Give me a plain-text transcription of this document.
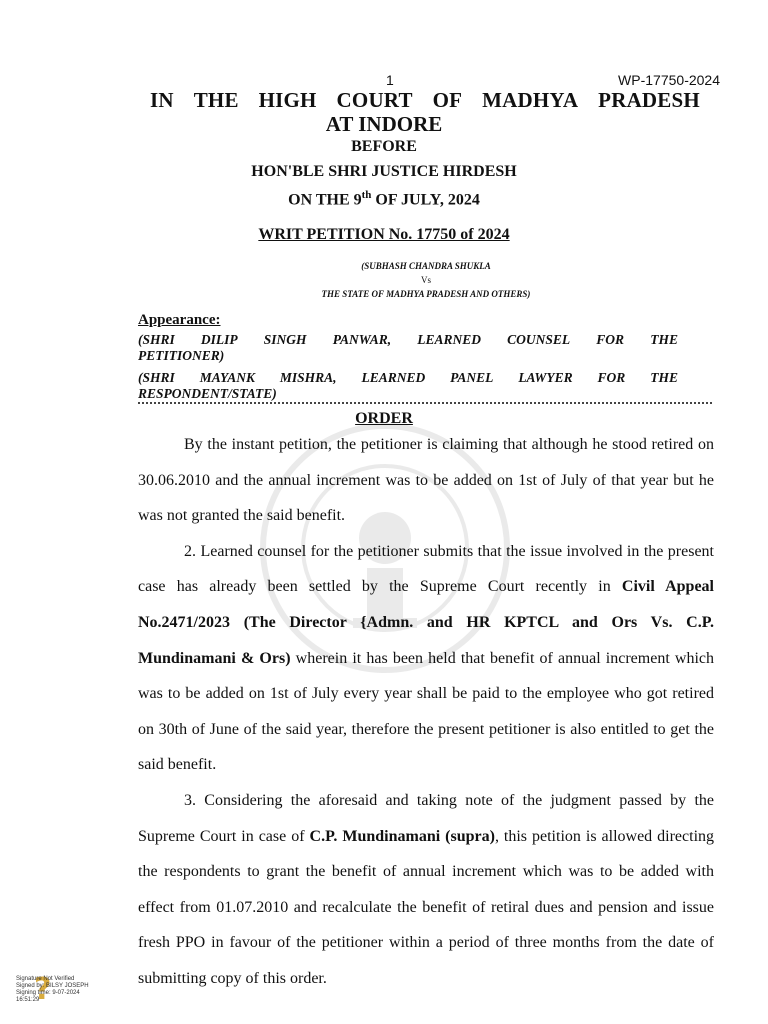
1	WP-17750-2024
IN THE HIGH COURT OF MADHYA PRADESH
AT INDORE
BEFORE
HON'BLE SHRI JUSTICE HIRDESH
ON THE 9th OF JULY, 2024
WRIT PETITION No. 17750 of 2024
(SUBHASH CHANDRA SHUKLA
Vs
THE STATE OF MADHYA PRADESH AND OTHERS)
Appearance:
(SHRI DILIP SINGH PANWAR, LEARNED COUNSEL FOR THE
PETITIONER)
(SHRI MAYANK MISHRA, LEARNED PANEL LAWYER FOR THE
RESPONDENT/STATE)
ORDER

By the instant petition, the petitioner is claiming that although he stood retired on 30.06.2010 and the annual increment was to be added on 1st of July of that year but he was not granted the said benefit.

2. Learned counsel for the petitioner submits that the issue involved in the present case has already been settled by the Supreme Court recently in Civil Appeal No.2471/2023 (The Director {Admn. and HR KPTCL and Ors Vs. C.P. Mundinamani & Ors) wherein it has been held that benefit of annual increment which was to be added on 1st of July every year shall be paid to the employee who got retired on 30th of June of the said year, therefore the present petitioner is also entitled to get the said benefit.

3. Considering the aforesaid and taking note of the judgment passed by the Supreme Court in case of C.P. Mundinamani (supra), this petition is allowed directing the respondents to grant the benefit of annual increment which was to be added with effect from 01.07.2010 and recalculate the benefit of retiral dues and pension and issue fresh PPO in favour of the petitioner within a period of three months from the date of submitting copy of this order.

?
Signature Not Verified
Signed by: BILSY JOSEPH
Signing time: 9-07-2024
16:51:29
